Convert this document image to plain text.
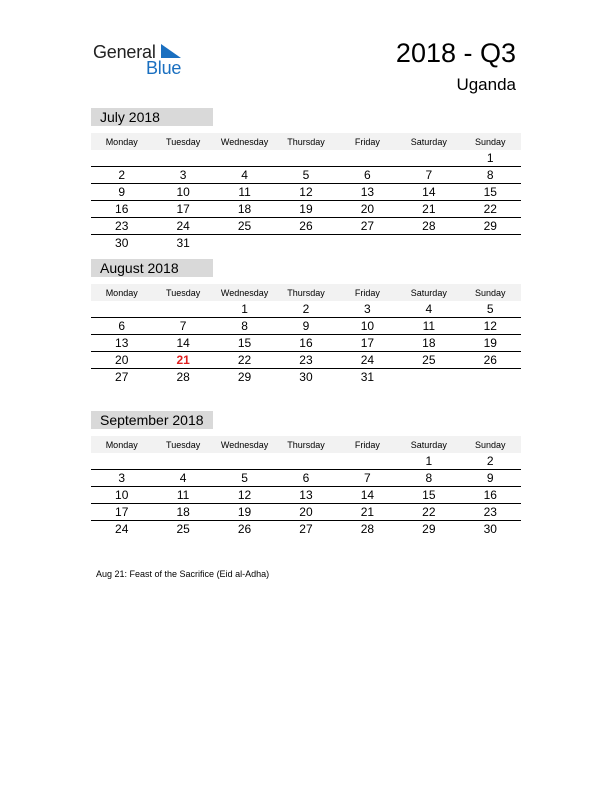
General
Blue	2018 - Q3
Uganda
July 2018
Monday	Tuesday	Wednesday	Thursday	Friday	Saturday	Sunday
						1
2	3	4	5	6	7	8
9	10	11	12	13	14	15
16	17	18	19	20	21	22
23	24	25	26	27	28	29
30	31					
August 2018
Monday	Tuesday	Wednesday	Thursday	Friday	Saturday	Sunday
		1	2	3	4	5
6	7	8	9	10	11	12
13	14	15	16	17	18	19
20	21	22	23	24	25	26
27	28	29	30	31		
September 2018
Monday	Tuesday	Wednesday	Thursday	Friday	Saturday	Sunday
					1	2
3	4	5	6	7	8	9
10	11	12	13	14	15	16
17	18	19	20	21	22	23
24	25	26	27	28	29	30
Aug 21: Feast of the Sacrifice (Eid al-Adha)
